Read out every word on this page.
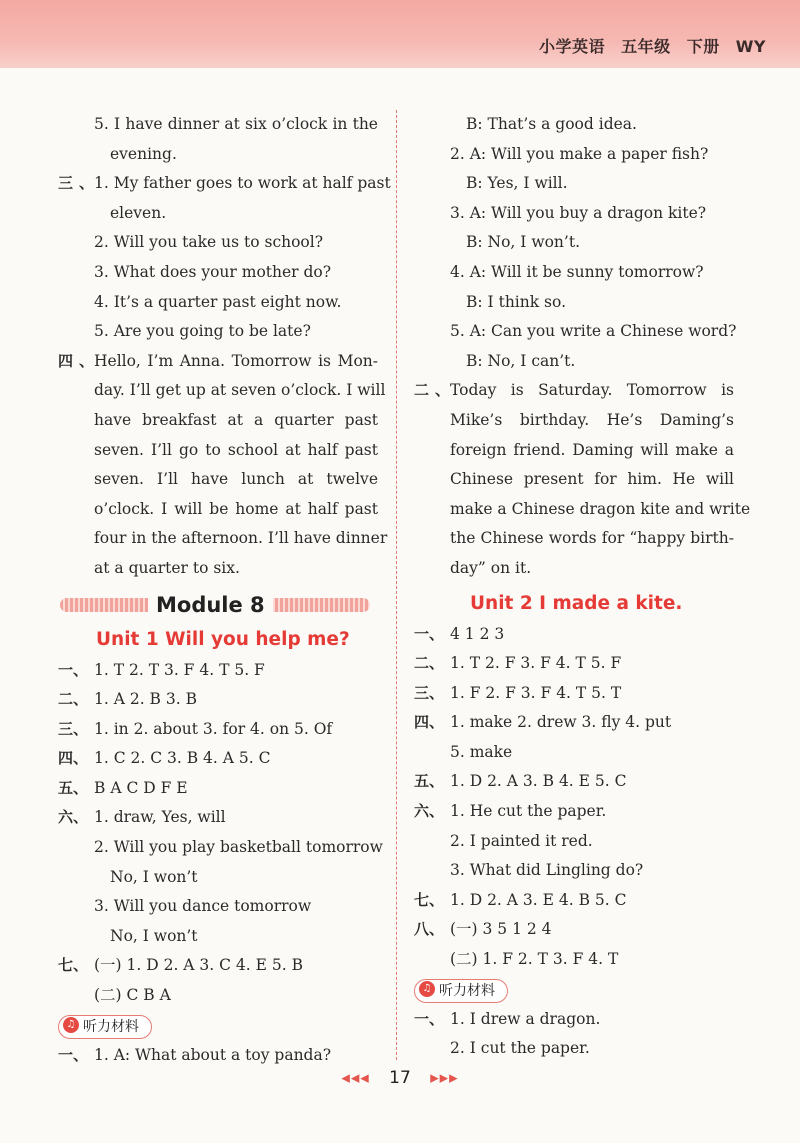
小学英语 五年级 下册 WY
5. I have dinner at six o’clock in the
evening.
三、1. My father goes to work at half past
eleven.
2. Will you take us to school?
3. What does your mother do?
4. It’s a quarter past eight now.
5. Are you going to be late?
四、Hello, I’m Anna. Tomorrow is Mon-
day. I’ll get up at seven o’clock. I will
have breakfast at a quarter past
seven. I’ll go to school at half past
seven. I’ll have lunch at twelve
o’clock. I will be home at half past
four in the afternoon. I’ll have dinner
at a quarter to six.
Module 8
Unit 1 Will you help me?
一、 1. T 2. T 3. F 4. T 5. F
二、 1. A 2. B 3. B
三、 1. in 2. about 3. for 4. on 5. Of
四、 1. C 2. C 3. B 4. A 5. C
五、 B A C D F E
六、 1. draw, Yes, will
2. Will you play basketball tomorrow
No, I won’t
3. Will you dance tomorrow
No, I won’t
七、 (一) 1. D 2. A 3. C 4. E 5. B
(二) C B A
♫ 听力材料
一、 1. A: What about a toy panda?
B: That’s a good idea.
2. A: Will you make a paper fish?
B: Yes, I will.
3. A: Will you buy a dragon kite?
B: No, I won’t.
4. A: Will it be sunny tomorrow?
B: I think so.
5. A: Can you write a Chinese word?
B: No, I can’t.
二、Today is Saturday. Tomorrow is
Mike’s birthday. He’s Daming’s
foreign friend. Daming will make a
Chinese present for him. He will
make a Chinese dragon kite and write
the Chinese words for “happy birth-
day” on it.
Unit 2 I made a kite.
一、 4 1 2 3
二、 1. T 2. F 3. F 4. T 5. F
三、 1. F 2. F 3. F 4. T 5. T
四、 1. make 2. drew 3. fly 4. put
5. make
五、 1. D 2. A 3. B 4. E 5. C
六、 1. He cut the paper.
2. I painted it red.
3. What did Lingling do?
七、 1. D 2. A 3. E 4. B 5. C
八、 (一) 3 5 1 2 4
(二) 1. F 2. T 3. F 4. T
♫ 听力材料
一、 1. I drew a dragon.
2. I cut the paper.
◀◀◀ 17 ▶▶▶
